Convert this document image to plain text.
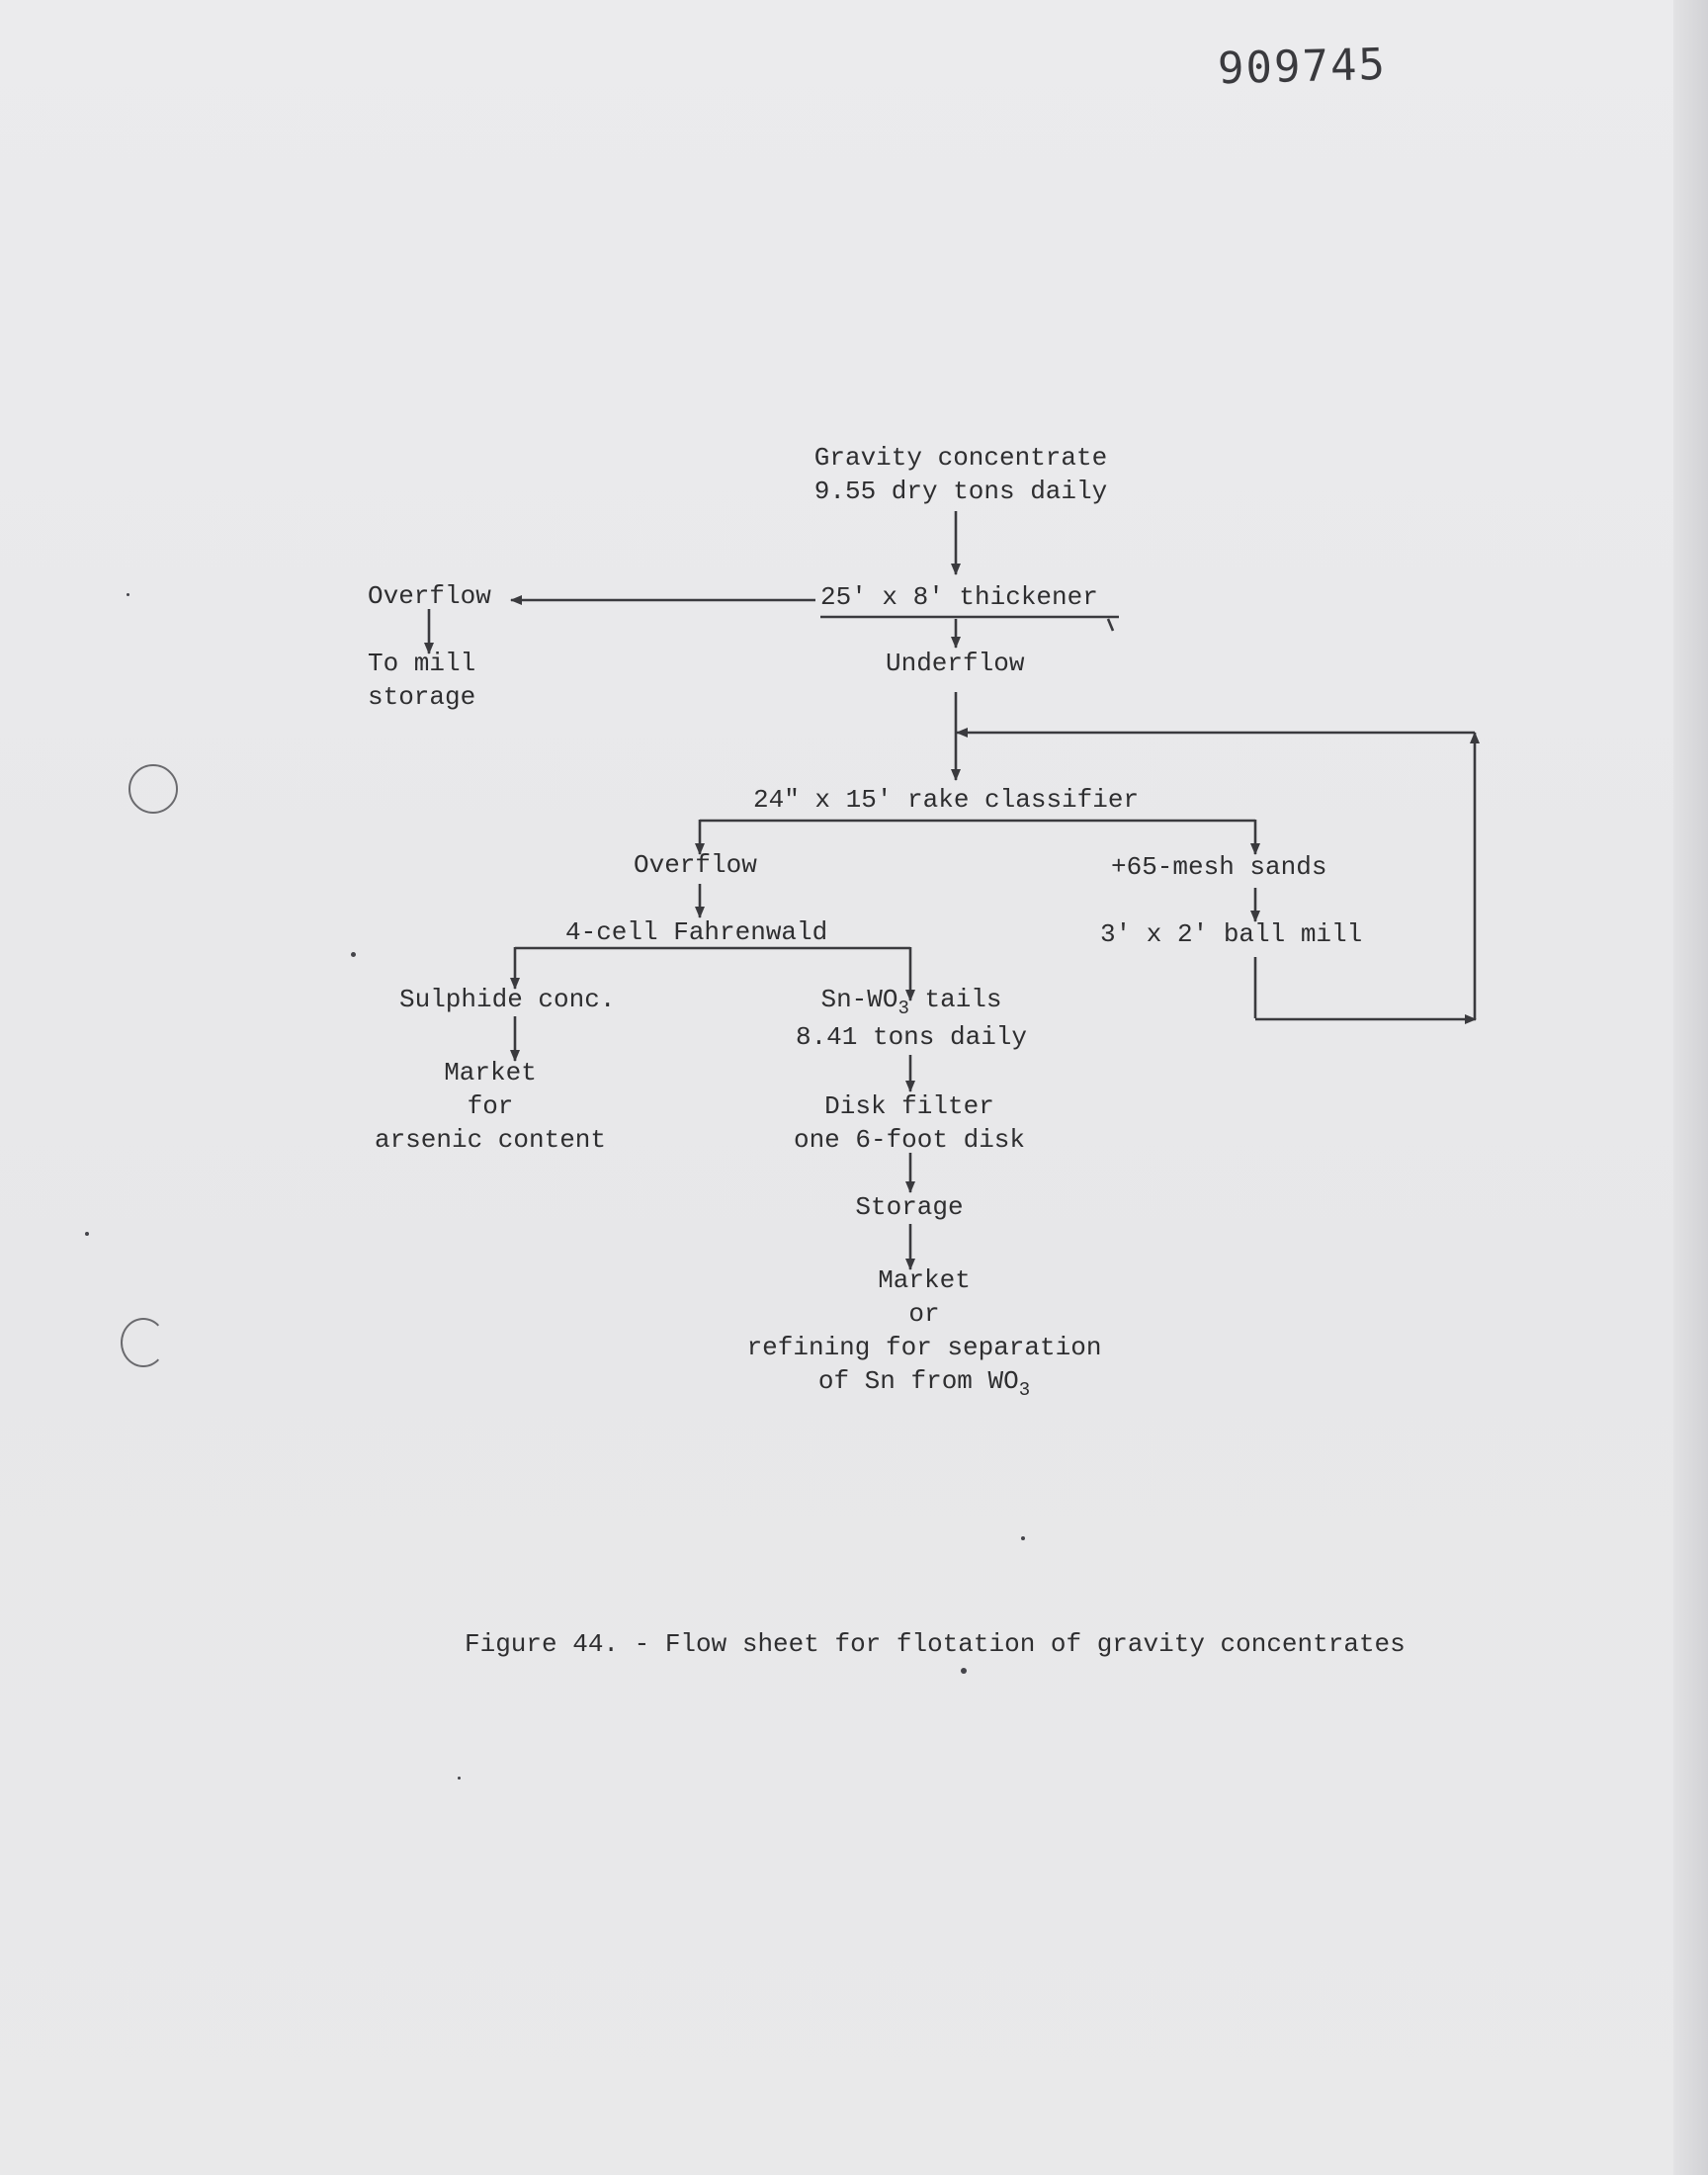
909745
Gravity concentrate
9.55 dry tons daily
25' x 8' thickener
Overflow
To mill
storage
Underflow
24" x 15' rake classifier
Overflow	+65-mesh sands
4-cell Fahrenwald	3' x 2' ball mill
Sulphide conc.	$Sn-WO_3$ tails
8.41 tons daily
Market
for
arsenic content
Disk filter
one 6-foot disk
Storage
Market
or
refining for separation
of Sn from $WO_3$
Figure 44. - Flow sheet for flotation of gravity concentrates
